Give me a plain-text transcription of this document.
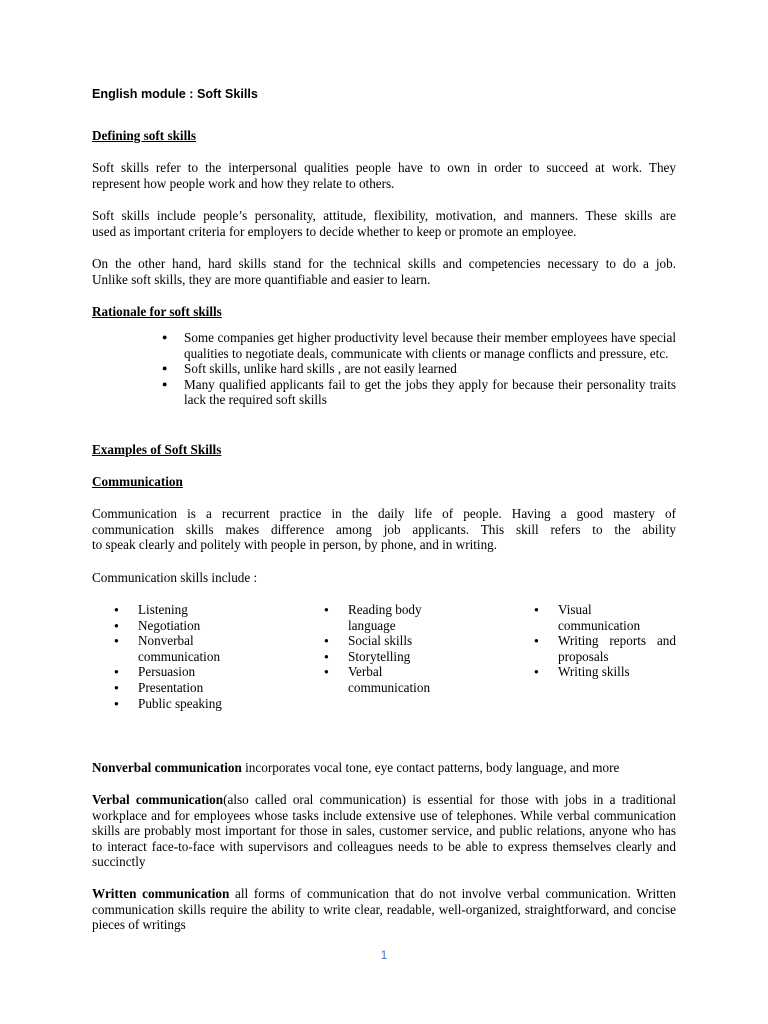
English module : Soft Skills
Defining soft skills
Soft skills refer to the interpersonal qualities people have to own in order to succeed at work. They
represent how people work and how they relate to others.
Soft skills include people’s personality, attitude, flexibility, motivation, and manners. These skills are
used as important criteria for employers to decide whether to keep or promote an employee.
On the other hand, hard skills stand for the technical skills and competencies necessary to do a job.
Unlike soft skills, they are more quantifiable and easier to learn.
Rationale for soft skills
● Some companies get higher productivity level because their member employees have special qualities to negotiate deals, communicate with clients or manage conflicts and pressure, etc.
● Soft skills, unlike hard skills , are not easily learned
● Many qualified applicants fail to get the jobs they apply for because their personality traits lack the required soft skills
Examples of Soft Skills
Communication
Communication is a recurrent practice in the daily life of people. Having a good mastery of
communication skills makes difference among job applicants. This skill refers to the ability
to speak clearly and politely with people in person, by phone, and in writing.
Communication skills include :
● Listening
● Negotiation
● Nonverbal communication
● Persuasion
● Presentation
● Public speaking
● Reading body language
● Social skills
● Storytelling
● Verbal communication
● Visual communication
● Writing reports and proposals
● Writing skills
Nonverbal communication incorporates vocal tone, eye contact patterns, body language, and more
Verbal communication(also called oral communication) is essential for those with jobs in a traditional workplace and for employees whose tasks include extensive use of telephones. While verbal communication skills are probably most important for those in sales, customer service, and public relations, anyone who has to interact face-to-face with supervisors and colleagues needs to be able to express themselves clearly and succinctly
Written communication all forms of communication that do not involve verbal communication. Written communication skills require the ability to write clear, readable, well-organized, straightforward, and concise pieces of writings
1
